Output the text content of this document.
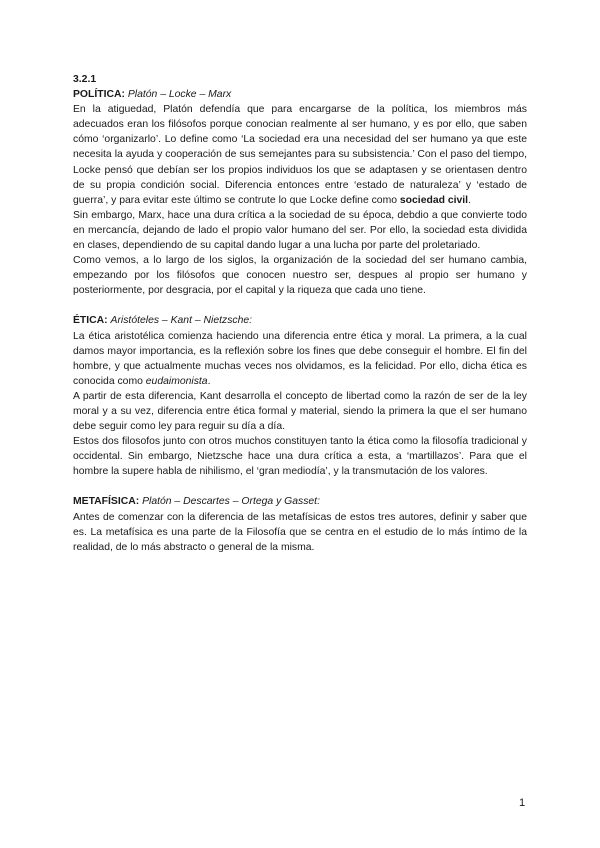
3.2.1

POLÍTICA: Platón – Locke – Marx

En la atiguedad, Platón defendía que para encargarse de la política, los miembros más adecuados eran los filósofos porque conocian realmente al ser humano, y es por ello, que saben cómo ‘organizarlo’. Lo define como ‘La sociedad era una necesidad del ser humano ya que este necesita la ayuda y cooperación de sus semejantes para su subsistencia.’ Con el paso del tiempo, Locke pensó que debían ser los propios individuos los que se adaptasen y se orientasen dentro de su propia condición social. Diferencia entonces entre ‘estado de naturaleza’ y ‘estado de guerra’, y para evitar este último se contrute lo que Locke define como sociedad civil.

Sin embargo, Marx, hace una dura crítica a la sociedad de su época, debdio a que convierte todo en mercancía, dejando de lado el propio valor humano del ser. Por ello, la sociedad esta dividida en clases, dependiendo de su capital dando lugar a una lucha por parte del proletariado.

Como vemos, a lo largo de los siglos, la organización de la sociedad del ser humano cambia, empezando por los filósofos que conocen nuestro ser, despues al propio ser humano y posteriormente, por desgracia, por el capital y la riqueza que cada uno tiene.

ÉTICA: Aristóteles – Kant – Nietzsche:

La ética aristotélica comienza haciendo una diferencia entre ética y moral. La primera, a la cual damos mayor importancia, es la reflexión sobre los fines que debe conseguir el hombre. El fin del hombre, y que actualmente muchas veces nos olvidamos, es la felicidad. Por ello, dicha ética es conocida como eudaimonista.

A partir de esta diferencia, Kant desarrolla el concepto de libertad como la razón de ser de la ley moral y a su vez, diferencia entre ética formal y material, siendo la primera la que el ser humano debe seguir como ley para reguir su día a día.

Estos dos filosofos junto con otros muchos constituyen tanto la ética como la filosofía tradicional y occidental. Sin embargo, Nietzsche hace una dura crítica a esta, a ‘martillazos’. Para que el hombre la supere habla de nihilismo, el ‘gran mediodía’, y la transmutación de los valores.

METAFÍSICA: Platón – Descartes – Ortega y Gasset:

Antes de comenzar con la diferencia de las metafísicas de estos tres autores, definir y saber que es. La metafísica es una parte de la Filosofía que se centra en el estudio de lo más íntimo de la realidad, de lo más abstracto o general de la misma.

1
